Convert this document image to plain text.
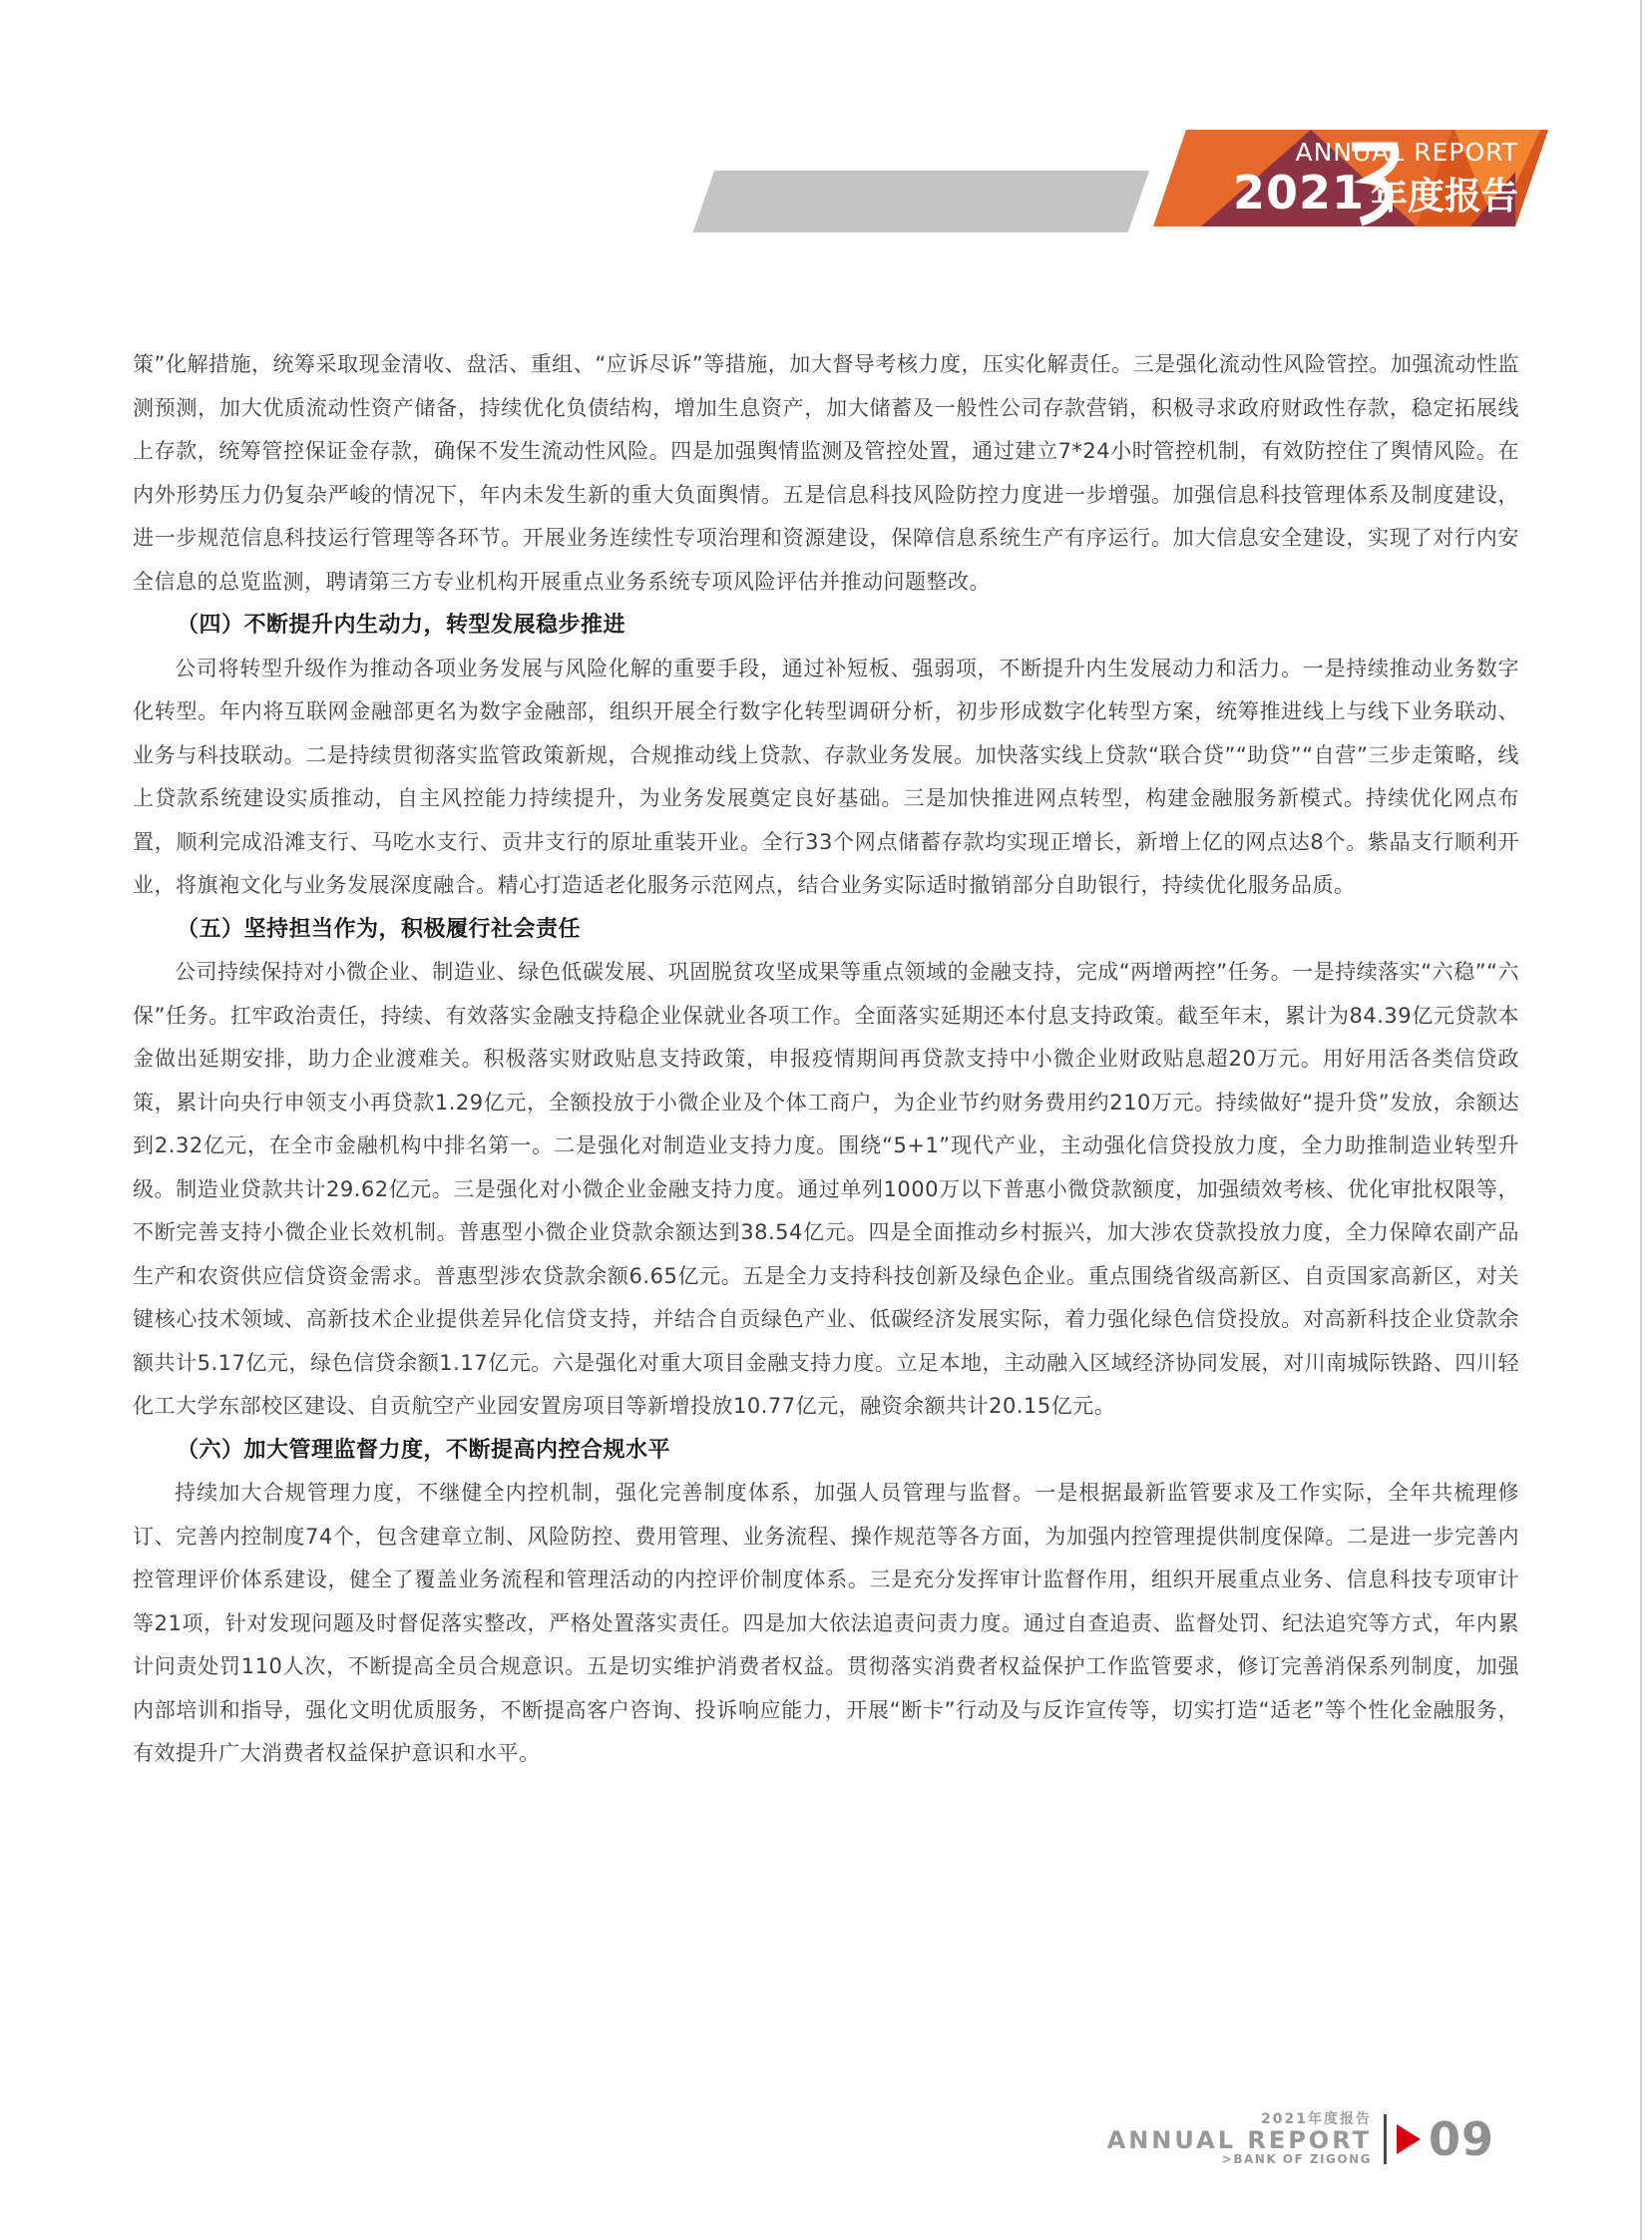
ANNUAL REPORT
2021 年度报告

策”化解措施，统筹采取现金清收、盘活、重组、“应诉尽诉”等措施，加大督导考核力度，压实化解责任。三是强化流动性风险管控。加强流动性监测预测，加大优质流动性资产储备，持续优化负债结构，增加生息资产，加大储蓄及一般性公司存款营销，积极寻求政府财政性存款，稳定拓展线上存款，统筹管控保证金存款，确保不发生流动性风险。四是加强舆情监测及管控处置，通过建立7*24小时管控机制，有效防控住了舆情风险。在内外形势压力仍复杂严峻的情况下，年内未发生新的重大负面舆情。五是信息科技风险防控力度进一步增强。加强信息科技管理体系及制度建设，进一步规范信息科技运行管理等各环节。开展业务连续性专项治理和资源建设，保障信息系统生产有序运行。加大信息安全建设，实现了对行内安全信息的总览监测，聘请第三方专业机构开展重点业务系统专项风险评估并推动问题整改。

（四）不断提升内生动力，转型发展稳步推进

公司将转型升级作为推动各项业务发展与风险化解的重要手段，通过补短板、强弱项，不断提升内生发展动力和活力。一是持续推动业务数字化转型。年内将互联网金融部更名为数字金融部，组织开展全行数字化转型调研分析，初步形成数字化转型方案，统筹推进线上与线下业务联动、业务与科技联动。二是持续贯彻落实监管政策新规，合规推动线上贷款、存款业务发展。加快落实线上贷款“联合贷”“助贷”“自营”三步走策略，线上贷款系统建设实质推动，自主风控能力持续提升，为业务发展奠定良好基础。三是加快推进网点转型，构建金融服务新模式。持续优化网点布置，顺利完成沿滩支行、马吃水支行、贡井支行的原址重装开业。全行33个网点储蓄存款均实现正增长，新增上亿的网点达8个。紫晶支行顺利开业，将旗袍文化与业务发展深度融合。精心打造适老化服务示范网点，结合业务实际适时撤销部分自助银行，持续优化服务品质。

（五）坚持担当作为，积极履行社会责任

公司持续保持对小微企业、制造业、绿色低碳发展、巩固脱贫攻坚成果等重点领域的金融支持，完成“两增两控”任务。一是持续落实“六稳”“六保”任务。扛牢政治责任，持续、有效落实金融支持稳企业保就业各项工作。全面落实延期还本付息支持政策。截至年末，累计为84.39亿元贷款本金做出延期安排，助力企业渡难关。积极落实财政贴息支持政策，申报疫情期间再贷款支持中小微企业财政贴息超20万元。用好用活各类信贷政策，累计向央行申领支小再贷款1.29亿元，全额投放于小微企业及个体工商户，为企业节约财务费用约210万元。持续做好“提升贷”发放，余额达到2.32亿元，在全市金融机构中排名第一。二是强化对制造业支持力度。围绕“5+1”现代产业，主动强化信贷投放力度，全力助推制造业转型升级。制造业贷款共计29.62亿元。三是强化对小微企业金融支持力度。通过单列1000万以下普惠小微贷款额度，加强绩效考核、优化审批权限等，不断完善支持小微企业长效机制。普惠型小微企业贷款余额达到38.54亿元。四是全面推动乡村振兴，加大涉农贷款投放力度，全力保障农副产品生产和农资供应信贷资金需求。普惠型涉农贷款余额6.65亿元。五是全力支持科技创新及绿色企业。重点围绕省级高新区、自贡国家高新区，对关键核心技术领域、高新技术企业提供差异化信贷支持，并结合自贡绿色产业、低碳经济发展实际，着力强化绿色信贷投放。对高新科技企业贷款余额共计5.17亿元，绿色信贷余额1.17亿元。六是强化对重大项目金融支持力度。立足本地，主动融入区域经济协同发展，对川南城际铁路、四川轻化工大学东部校区建设、自贡航空产业园安置房项目等新增投放10.77亿元，融资余额共计20.15亿元。

（六）加大管理监督力度，不断提高内控合规水平

持续加大合规管理力度，不继健全内控机制，强化完善制度体系，加强人员管理与监督。一是根据最新监管要求及工作实际，全年共梳理修订、完善内控制度74个，包含建章立制、风险防控、费用管理、业务流程、操作规范等各方面，为加强内控管理提供制度保障。二是进一步完善内控管理评价体系建设，健全了覆盖业务流程和管理活动的内控评价制度体系。三是充分发挥审计监督作用，组织开展重点业务、信息科技专项审计等21项，针对发现问题及时督促落实整改，严格处置落实责任。四是加大依法追责问责力度。通过自查追责、监督处罚、纪法追究等方式，年内累计问责处罚110人次，不断提高全员合规意识。五是切实维护消费者权益。贯彻落实消费者权益保护工作监管要求，修订完善消保系列制度，加强内部培训和指导，强化文明优质服务，不断提高客户咨询、投诉响应能力，开展“断卡”行动及与反诈宣传等，切实打造“适老”等个性化金融服务，有效提升广大消费者权益保护意识和水平。

2021年度报告
ANNUAL REPORT
>BANK OF ZIGONG 09
